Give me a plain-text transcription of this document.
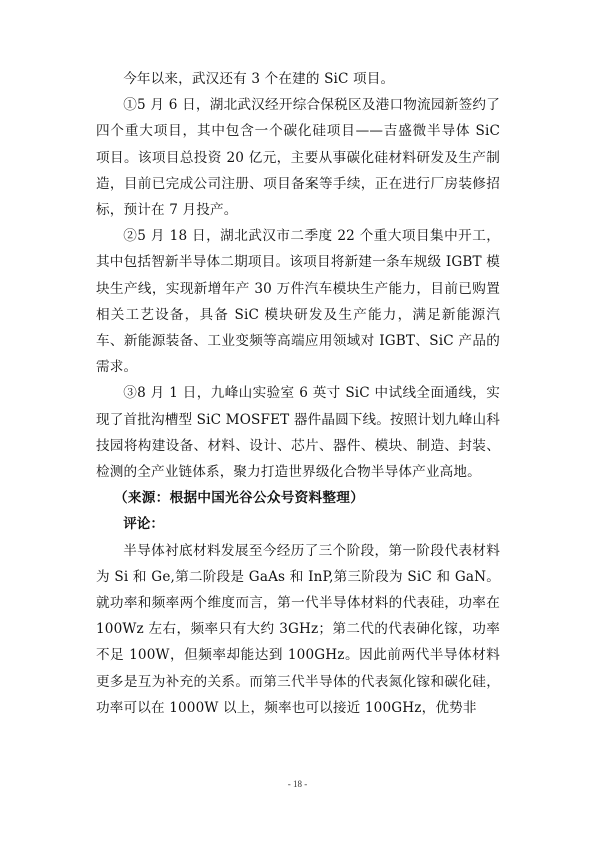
今年以来，武汉还有 3 个在建的 SiC 项目。

①5 月 6 日，湖北武汉经开综合保税区及港口物流园新签约了四个重大项目，其中包含一个碳化硅项目——吉盛微半导体 SiC 项目。该项目总投资 20 亿元，主要从事碳化硅材料研发及生产制造，目前已完成公司注册、项目备案等手续，正在进行厂房装修招标，预计在 7 月投产。

②5 月 18 日，湖北武汉市二季度 22 个重大项目集中开工，其中包括智新半导体二期项目。该项目将新建一条车规级 IGBT 模块生产线，实现新增年产 30 万件汽车模块生产能力，目前已购置相关工艺设备，具备 SiC 模块研发及生产能力，满足新能源汽车、新能源装备、工业变频等高端应用领域对 IGBT、SiC 产品的需求。

③8 月 1 日，九峰山实验室 6 英寸 SiC 中试线全面通线，实现了首批沟槽型 SiC MOSFET 器件晶圆下线。按照计划九峰山科技园将构建设备、材料、设计、芯片、器件、模块、制造、封装、检测的全产业链体系，聚力打造世界级化合物半导体产业高地。

（来源：根据中国光谷公众号资料整理）

评论：

半导体衬底材料发展至今经历了三个阶段，第一阶段代表材料为 Si 和 Ge,第二阶段是 GaAs 和 InP,第三阶段为 SiC 和 GaN。就功率和频率两个维度而言，第一代半导体材料的代表硅，功率在 100Wz 左右，频率只有大约 3GHz；第二代的代表砷化镓，功率不足 100W，但频率却能达到 100GHz。因此前两代半导体材料更多是互为补充的关系。而第三代半导体的代表氮化镓和碳化硅，功率可以在 1000W 以上，频率也可以接近 100GHz，优势非

- 18 -
